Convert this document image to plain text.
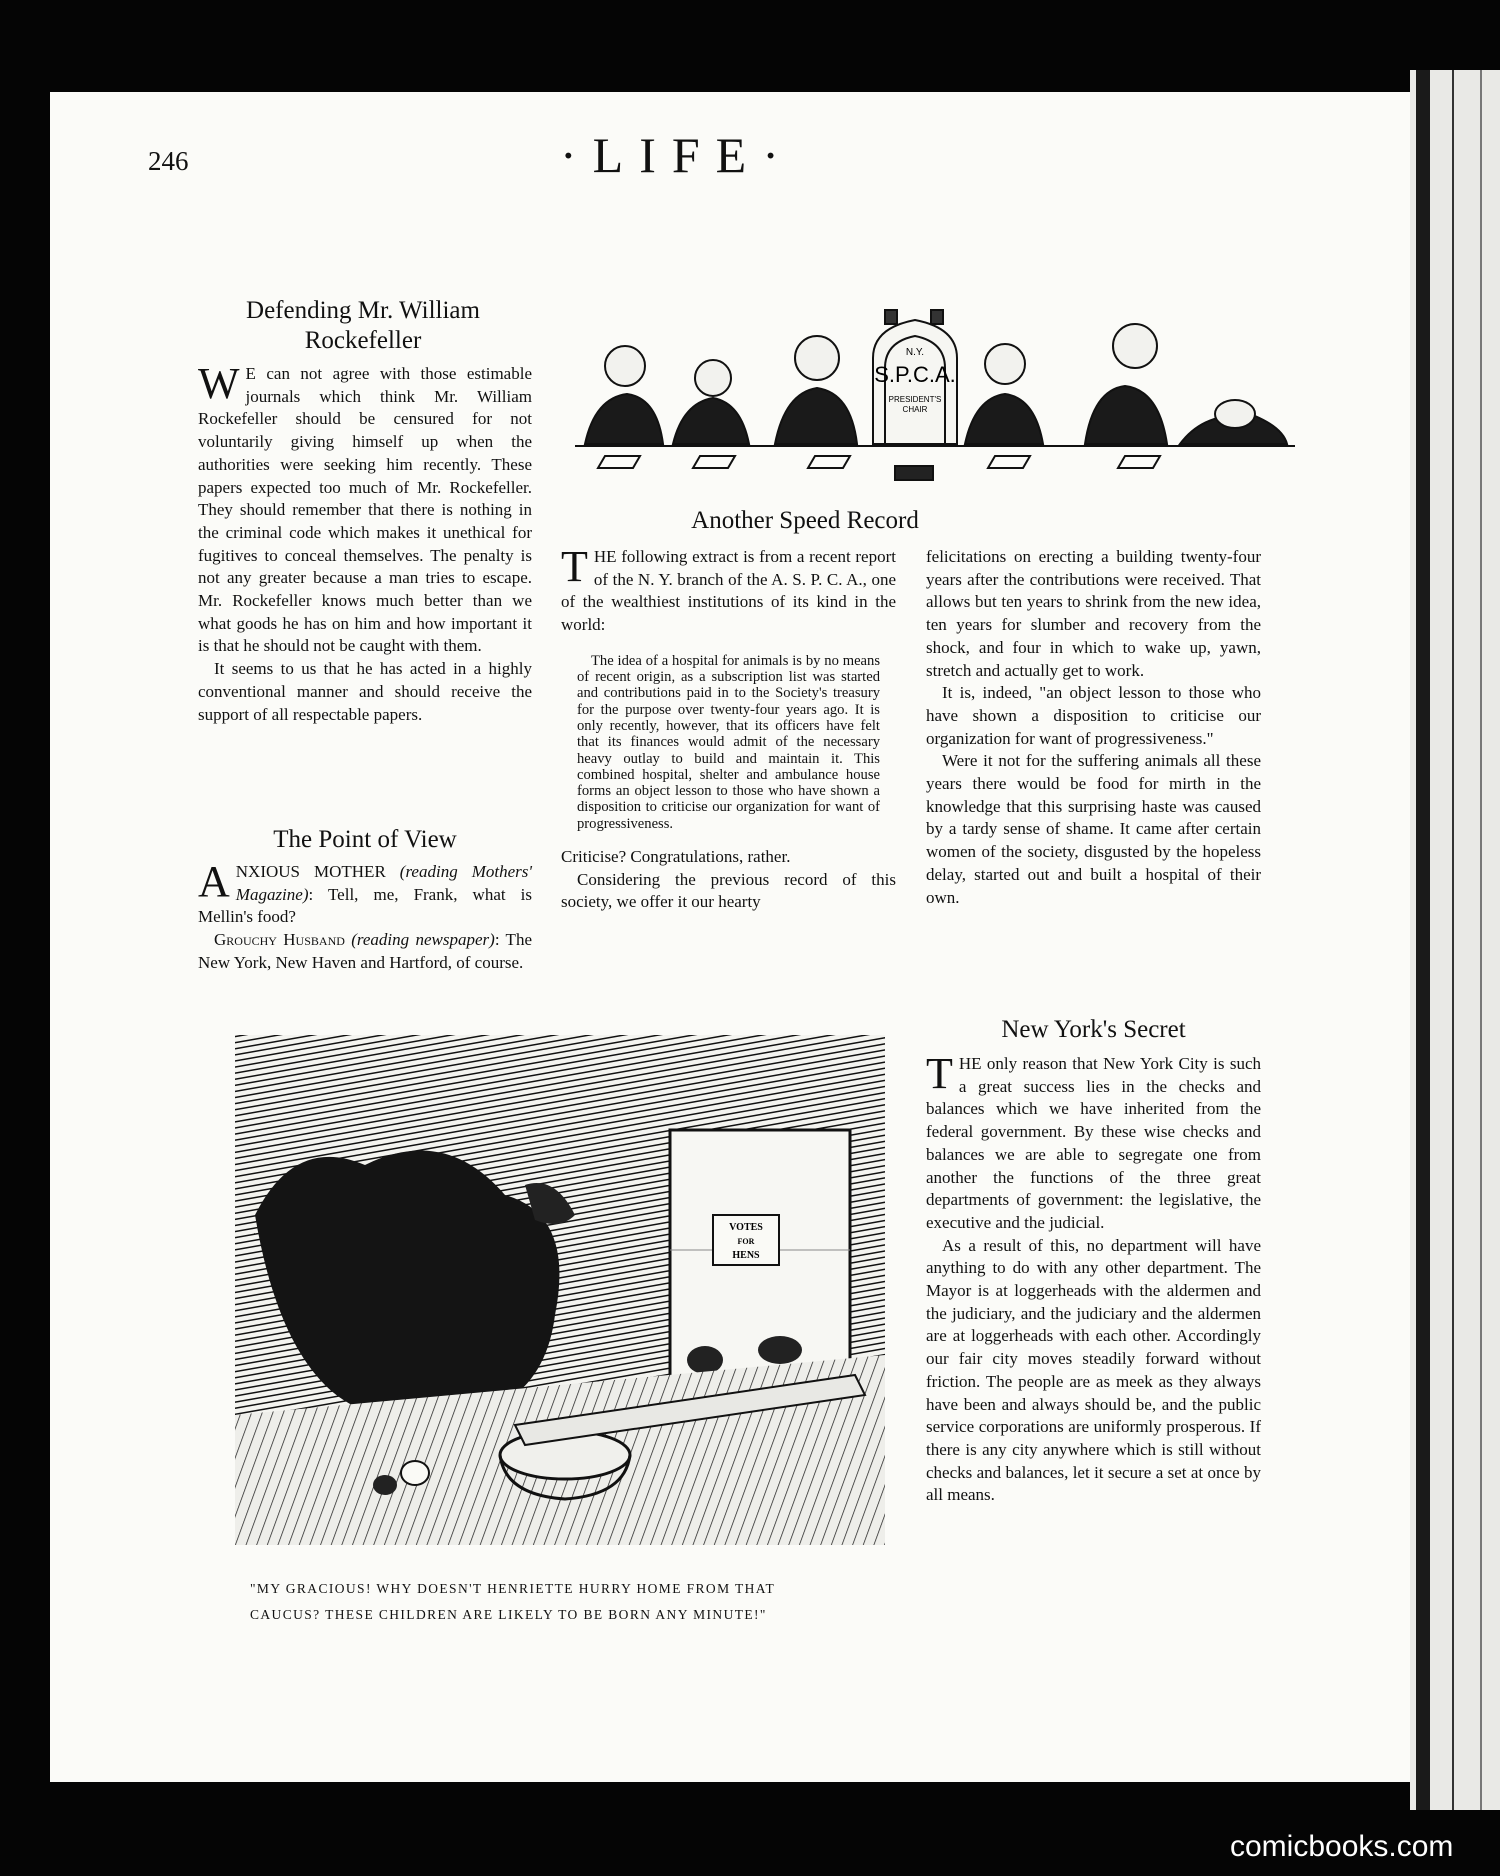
246	·LIFE·
Defending Mr. William Rockefeller

W E can not agree with those estimable journals which think Mr. William Rockefeller should be censured for not voluntarily giving himself up when the authorities were seeking him recently. These papers expected too much of Mr. Rockefeller. They should remember that there is nothing in the criminal code which makes it unethical for fugitives to conceal themselves. The penalty is not any greater because a man tries to escape. Mr. Rockefeller knows much better than we what goods he has on him and how important it is that he should not be caught with them.

It seems to us that he has acted in a highly conventional manner and should receive the support of all respectable papers.

The Point of View

ANXIOUS MOTHER (reading Mothers' Magazine): Tell, me, Frank, what is Mellin's food?

Grouchy Husband (reading newspaper): The New York, New Haven and Hartford, of course.

N.Y.
S.P.C.A.
PRESIDENT'S
CHAIR
Another Speed Record

THE following extract is from a recent report of the N. Y. branch of the A. S. P. C. A., one of the wealthiest institutions of its kind in the world:

The idea of a hospital for animals is by no means of recent origin, as a subscription list was started and contributions paid in to the Society's treasury for the purpose over twenty-four years ago. It is only recently, however, that its officers have felt that its finances would admit of the necessary heavy outlay to build and maintain it. This combined hospital, shelter and ambulance house forms an object lesson to those who have shown a disposition to criticise our organization for want of progressiveness.

Criticise? Congratulations, rather.

Considering the previous record of this society, we offer it our hearty

felicitations on erecting a building twenty-four years after the contributions were received. That allows but ten years to shrink from the new idea, ten years for slumber and recovery from the shock, and four in which to wake up, yawn, stretch and actually get to work.

It is, indeed, "an object lesson to those who have shown a disposition to criticise our organization for want of progressiveness."

Were it not for the suffering animals all these years there would be food for mirth in the knowledge that this surprising haste was caused by a tardy sense of shame. It came after certain women of the society, disgusted by the hopeless delay, started out and built a hospital of their own.

New York's Secret

THE only reason that New York City is such a great success lies in the checks and balances which we have inherited from the federal government. By these wise checks and balances we are able to segregate one from another the functions of the three great departments of government: the legislative, the executive and the judicial.

As a result of this, no department will have anything to do with any other department. The Mayor is at loggerheads with the aldermen and the judiciary, and the judiciary and the aldermen are at loggerheads with each other. Accordingly our fair city moves steadily forward without friction. The people are as meek as they always have been and always should be, and the public service corporations are uniformly prosperous. If there is any city anywhere which is still without checks and balances, let it secure a set at once by all means.

VOTES
FOR
HENS
"MY GRACIOUS! WHY DOESN'T HENRIETTE HURRY HOME FROM THAT
CAUCUS? THESE CHILDREN ARE LIKELY TO BE BORN ANY MINUTE!"
comicbooks.com
